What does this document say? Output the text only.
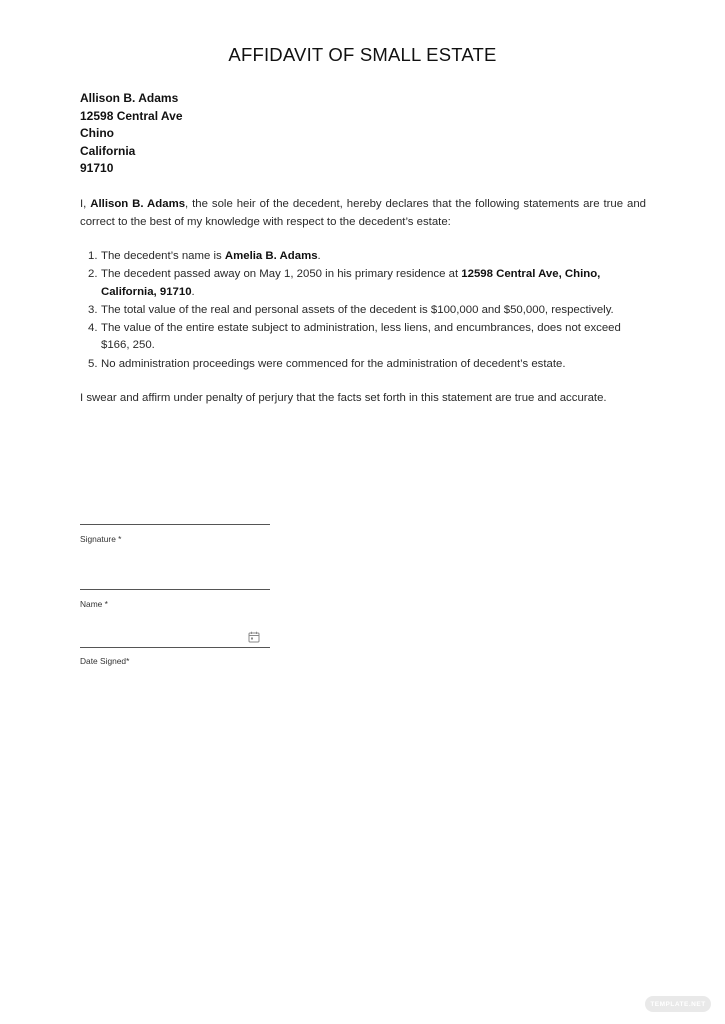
AFFIDAVIT OF SMALL ESTATE
Allison B. Adams
12598 Central Ave
Chino
California
91710
I, Allison B. Adams, the sole heir of the decedent, hereby declares that the following statements are true and correct to the best of my knowledge with respect to the decedent’s estate:
1. The decedent’s name is Amelia B. Adams.
2. The decedent passed away on May 1, 2050 in his primary residence at 12598 Central Ave, Chino, California, 91710.
3. The total value of the real and personal assets of the decedent is $100,000 and $50,000, respectively.
4. The value of the entire estate subject to administration, less liens, and encumbrances, does not exceed $166, 250.
5. No administration proceedings were commenced for the administration of decedent’s estate.
I swear and affirm under penalty of perjury that the facts set forth in this statement are true and accurate.
Signature *
Name *
Date Signed*
TEMPLATE.NET
